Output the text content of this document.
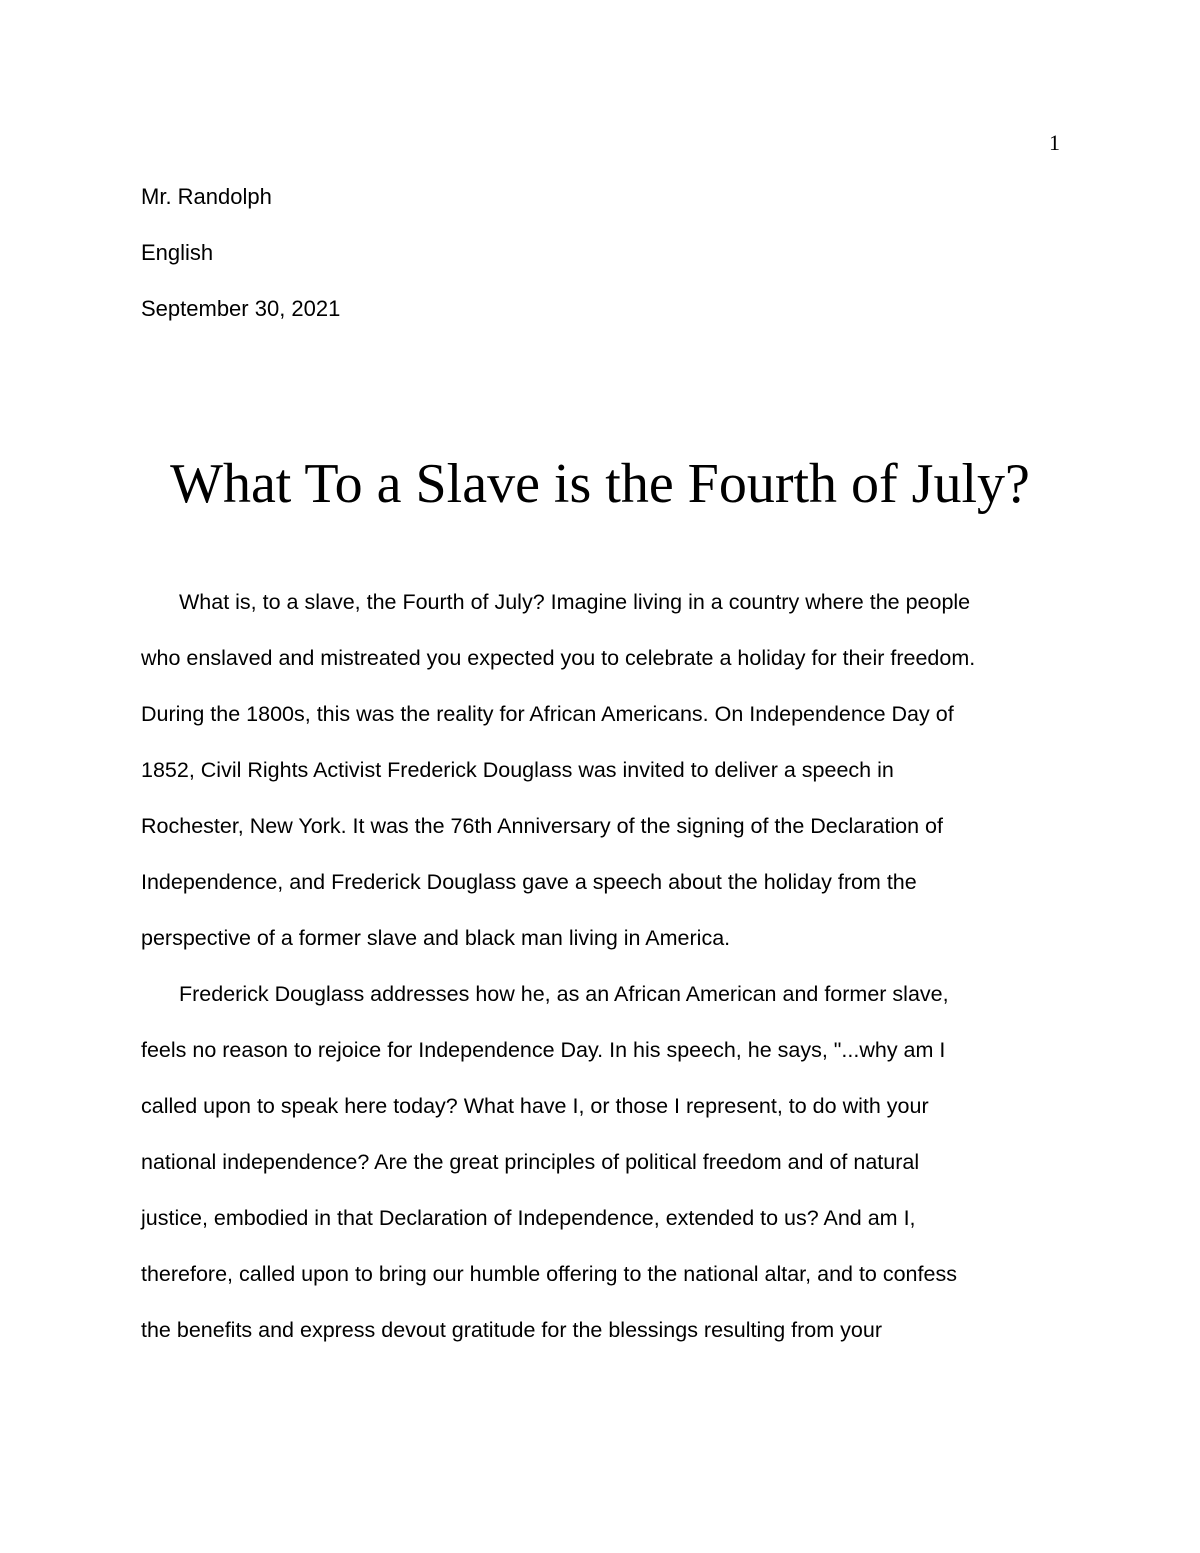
1
Mr. Randolph
English
September 30, 2021
What To a Slave is the Fourth of July?
What is, to a slave, the Fourth of July? Imagine living in a country where the people
who enslaved and mistreated you expected you to celebrate a holiday for their freedom.
During the 1800s, this was the reality for African Americans. On Independence Day of
1852, Civil Rights Activist Frederick Douglass was invited to deliver a speech in
Rochester, New York. It was the 76th Anniversary of the signing of the Declaration of
Independence, and Frederick Douglass gave a speech about the holiday from the
perspective of a former slave and black man living in America.
Frederick Douglass addresses how he, as an African American and former slave,
feels no reason to rejoice for Independence Day. In his speech, he says, "...why am I
called upon to speak here today? What have I, or those I represent, to do with your
national independence? Are the great principles of political freedom and of natural
justice, embodied in that Declaration of Independence, extended to us? And am I,
therefore, called upon to bring our humble offering to the national altar, and to confess
the benefits and express devout gratitude for the blessings resulting from your
